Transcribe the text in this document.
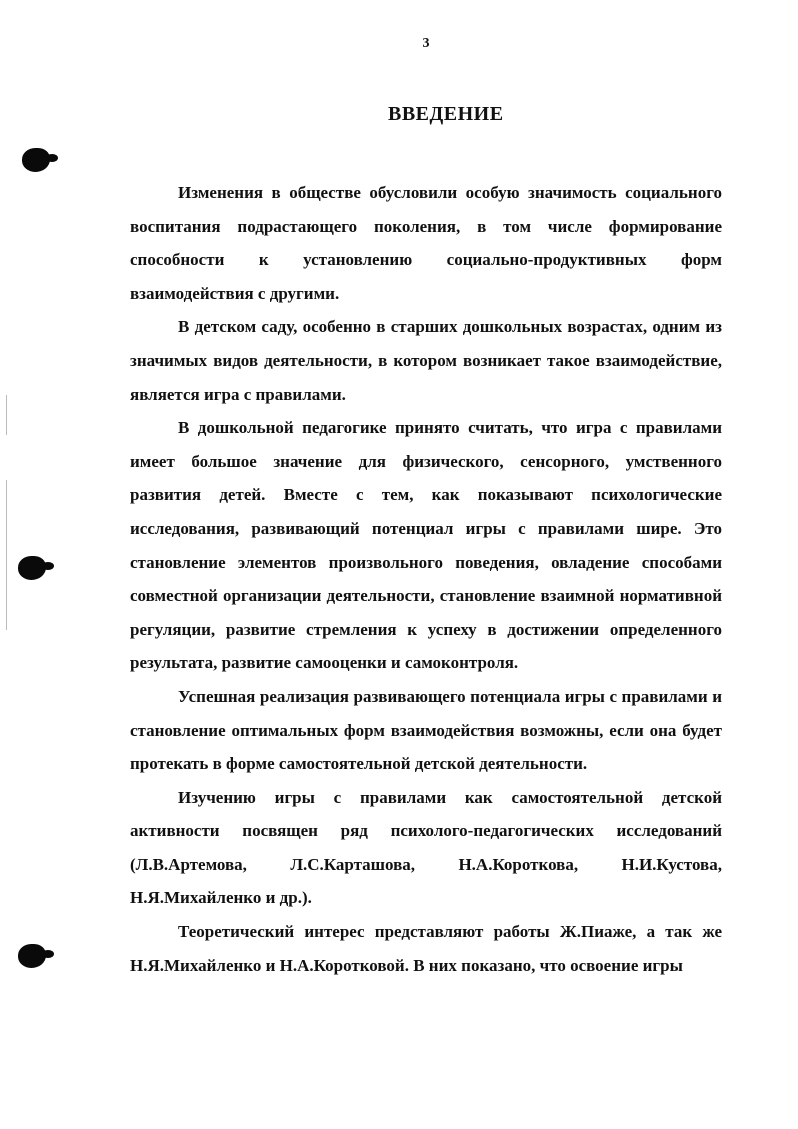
3
ВВЕДЕНИЕ

Изменения в обществе обусловили особую значимость социального воспитания подрастающего поколения, в том числе формирование способности к установлению социально-продуктивных форм взаимодействия с другими.

В детском саду, особенно в старших дошкольных возрастах, одним из значимых видов деятельности, в котором возникает такое взаимодействие, является игра с правилами.

В дошкольной педагогике принято считать, что игра с правилами имеет большое значение для физического, сенсорного, умственного развития детей. Вместе с тем, как показывают психологические исследования, развивающий потенциал игры с правилами шире. Это становление элементов произвольного поведения, овладение способами совместной организации деятельности, становление взаимной нормативной регуляции, развитие стремления к успеху в достижении определенного результата, развитие самооценки и самоконтроля.

Успешная реализация развивающего потенциала игры с правилами и становление оптимальных форм взаимодействия возможны, если она будет протекать в форме самостоятельной детской деятельности.

Изучению игры с правилами как самостоятельной детской активности посвящен ряд психолого-педагогических исследований (Л.В.Артемова, Л.С.Карташова, Н.А.Короткова, Н.И.Кустова, Н.Я.Михайленко и др.).

Теоретический интерес представляют работы Ж.Пиаже, а так же Н.Я.Михайленко и Н.А.Коротковой. В них показано, что освоение игры
